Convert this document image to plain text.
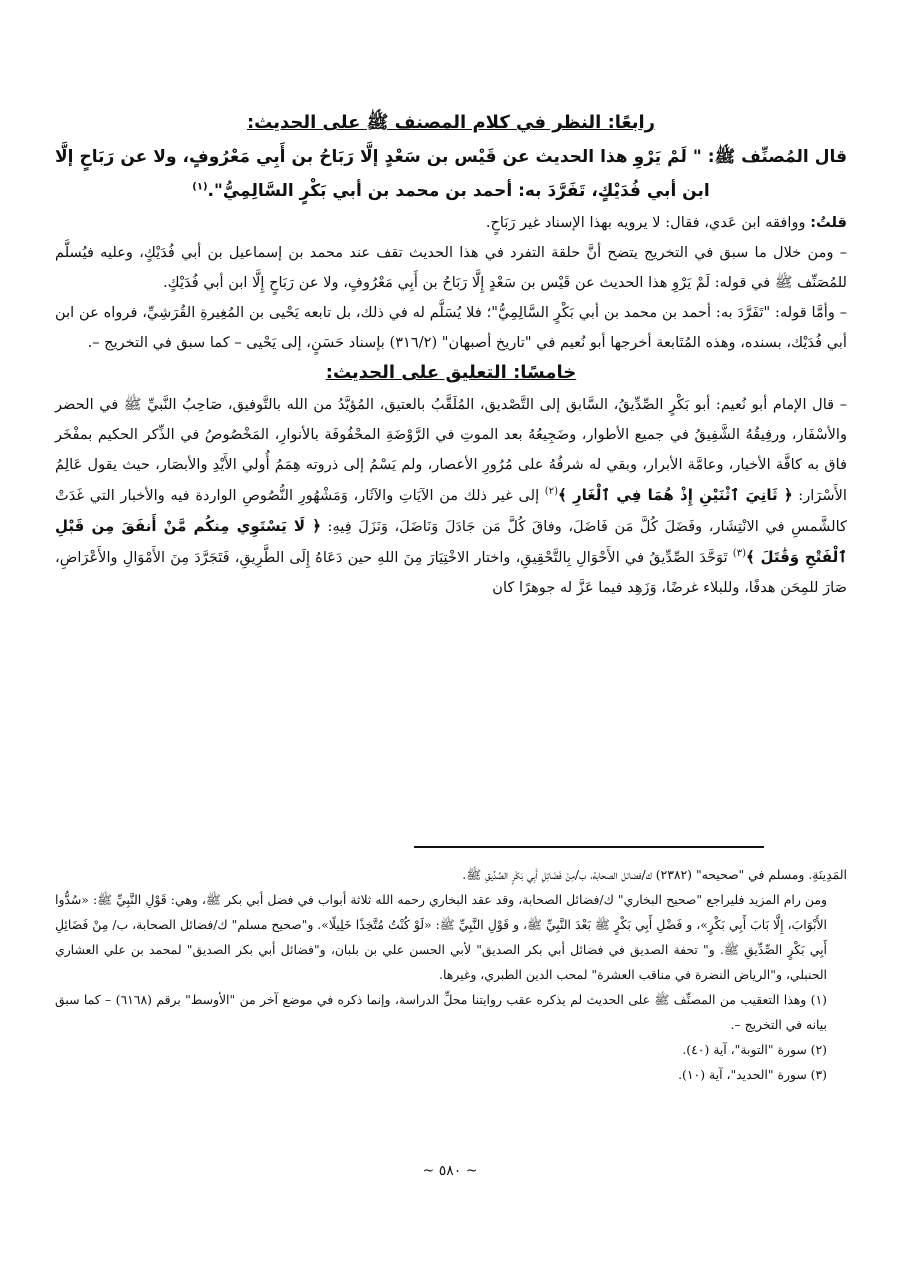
رابعًا: النظر في كلام المصنف ﷺ على الحديث:

قال المُصنِّف ﷺ: " لَمْ يَرْوِ هذا الحديث عن قَيْس بن سَعْدٍ إلَّا رَبَاحُ بن أَبِي مَعْرُوفٍ، ولا عن رَبَاحٍ إلَّا ابن أبي فُدَيْكٍ، تَفَرَّدَ به: أحمد بن محمد بن أبي بَكْرٍ السَّالِمِيُّ".$^{(١)}$

قلتُ: ووافقه ابن عَدي، فقال: لا يرويه بهذا الإسناد غير رَبَاحٍ.

– ومن خلال ما سبق في التخريج يتضح أنَّ حلقة التفرد في هذا الحديث تقف عند محمد بن إسماعيل بن أبي فُدَيْكٍ، وعليه فيُسلَّم للمُصَنِّف ﷺ في قوله: لَمْ يَرْوِ هذا الحديث عن قَيْس بن سَعْدٍ إِلَّا رَبَاحُ بن أَبِي مَعْرُوفٍ، ولا عن رَبَاحٍ إِلَّا ابن أبي فُدَيْكٍ.

– وأمَّا قوله: "تَفَرَّدَ به: أحمد بن محمد بن أبي بَكْرٍ السَّالِمِيُّ"؛ فلا يُسَلَّم له في ذلك، بل تابعه يَحْيى بن المُغِيرةِ القُرَشِيِّ، فرواه عن ابن أبي فُدَيْك، بسنده، وهذه المُتَابعة أخرجها أبو نُعيم في "تاريخ أصبهان" (٣١٦/٢) بإسناد حَسَنٍ، إلى يَحْيى – كما سبق في التخريج –.

خامسًا: التعليق على الحديث:

– قال الإمام أبو نُعيم: أبو بَكْرٍ الصِّدِّيقُ، السَّابق إلى التَّصْديق، المُلَقَّبُ بالعتيق، المُؤيَّدُ من الله بالتَّوفيق، صَاحِبُ النَّبيِّ ﷺ في الحضر والأسْفَار، ورفِيقُهُ الشَّفِيقُ في جميع الأطوار، وضَجِيعُهُ بعد الموتِ في الرَّوْضَةِ المحْفُوفَة بالأنوارِ، المَخْصُوصُ في الذِّكر الحكيم بمفْخَر فاق به كافَّة الأخيار، وعامَّة الأبرار، وبقي له شرفُهُ على مُرُورِ الأعصار، ولم يَسْمُ إلى ذروته هِمَمُ أُولي الأَيْدِ والأبصَار، حيث يقول عَالِمُ الأَسْرَار: ﴿ ثَانِيَ ٱثْنَيْنِ إِذْ هُمَا فِي ٱلْغَارِ ﴾$^{(٢)}$ إلى غير ذلك من الآيَاتِ والآثَار، وَمَشْهُورِ النُّصُوصِ الواردة فيه والأخبار التي غَدَتْ كالشَّمسِ في الانْتِشَار، وفَضَلَ كُلَّ مَن فَاضَلَ، وفاقَ كُلَّ مَن جَادَلَ وَنَاضَلَ، وَنَزَلَ فِيهِ: ﴿ لَا يَسْتَوِي مِنكُم مَّنْ أَنفَقَ مِن قَبْلِ ٱلْفَتْحِ وَقَٰتَلَ ﴾$^{(٣)}$ تَوَحَّدَ الصِّدِّيقُ في الأَحْوَالِ بِالتَّحْقِيقِ، واختار الاخْتِيَارَ مِنَ اللهِ حين دَعَاهُ إِلَى الطَّرِيقِ، فَتَجَرَّدَ مِنَ الأَمْوَالِ والأَعْرَاضِ، صَارَ للمِحَن هدفًا، وللبلاء غرضًا، وَزَهِد فيما عَزَّ له جوهرًا كان

المَدِينَةِ. ومسلم في "صحيحه" (٢٣٨٢) ك/فضائل الصحابة، ب/مِنْ فَضَائِلِ أَبِي بَكْرٍ الصِّدِّيقِ ﷺ.

ومن رام المزيد فليراجع "صحيح البخاري" ك/فضائل الصحابة، وقد عقد البخاري رحمه الله ثلاثة أبواب في فضل أبي بكر ﷺ، وهي: قَوْلِ النَّبِيِّ ﷺ: «سُدُّوا الأَبْوَابَ، إِلَّا بَابَ أَبِي بَكْرٍ»، و فَضْلِ أَبِي بَكْرٍ ﷺ بَعْدَ النَّبِيِّ ﷺ، و قَوْلِ النَّبِيِّ ﷺ: «لَوْ كُنْتُ مُتَّخِذًا خَلِيلًا». و"صحيح مسلم" ك/فضائل الصحابة، ب/ مِنْ فَضَائِلِ أَبِي بَكْرٍ الصِّدِّيقِ ﷺ. و" تحفة الصديق في فضائل أبي بكر الصديق" لأبي الحسن علي بن بلبان، و"فضائل أبي بكر الصديق" لمحمد بن علي العشاري الحنبلي، و"الرياض النضرة في مناقب العشرة" لمحب الدين الطبري، وغيرها.

(١) وهذا التعقيب من المصنِّف ﷺ على الحديث لم يذكره عقب روايتنا محلِّ الدراسة، وإنما ذكره في موضع آخر من "الأوسط" برقم (٦١٦٨) – كما سبق بيانه في التخريج –.

(٢) سورة "التوبة"، آية (٤٠).

(٣) سورة "الحديد"، آية (١٠).

~ ٥٨٠ ~
